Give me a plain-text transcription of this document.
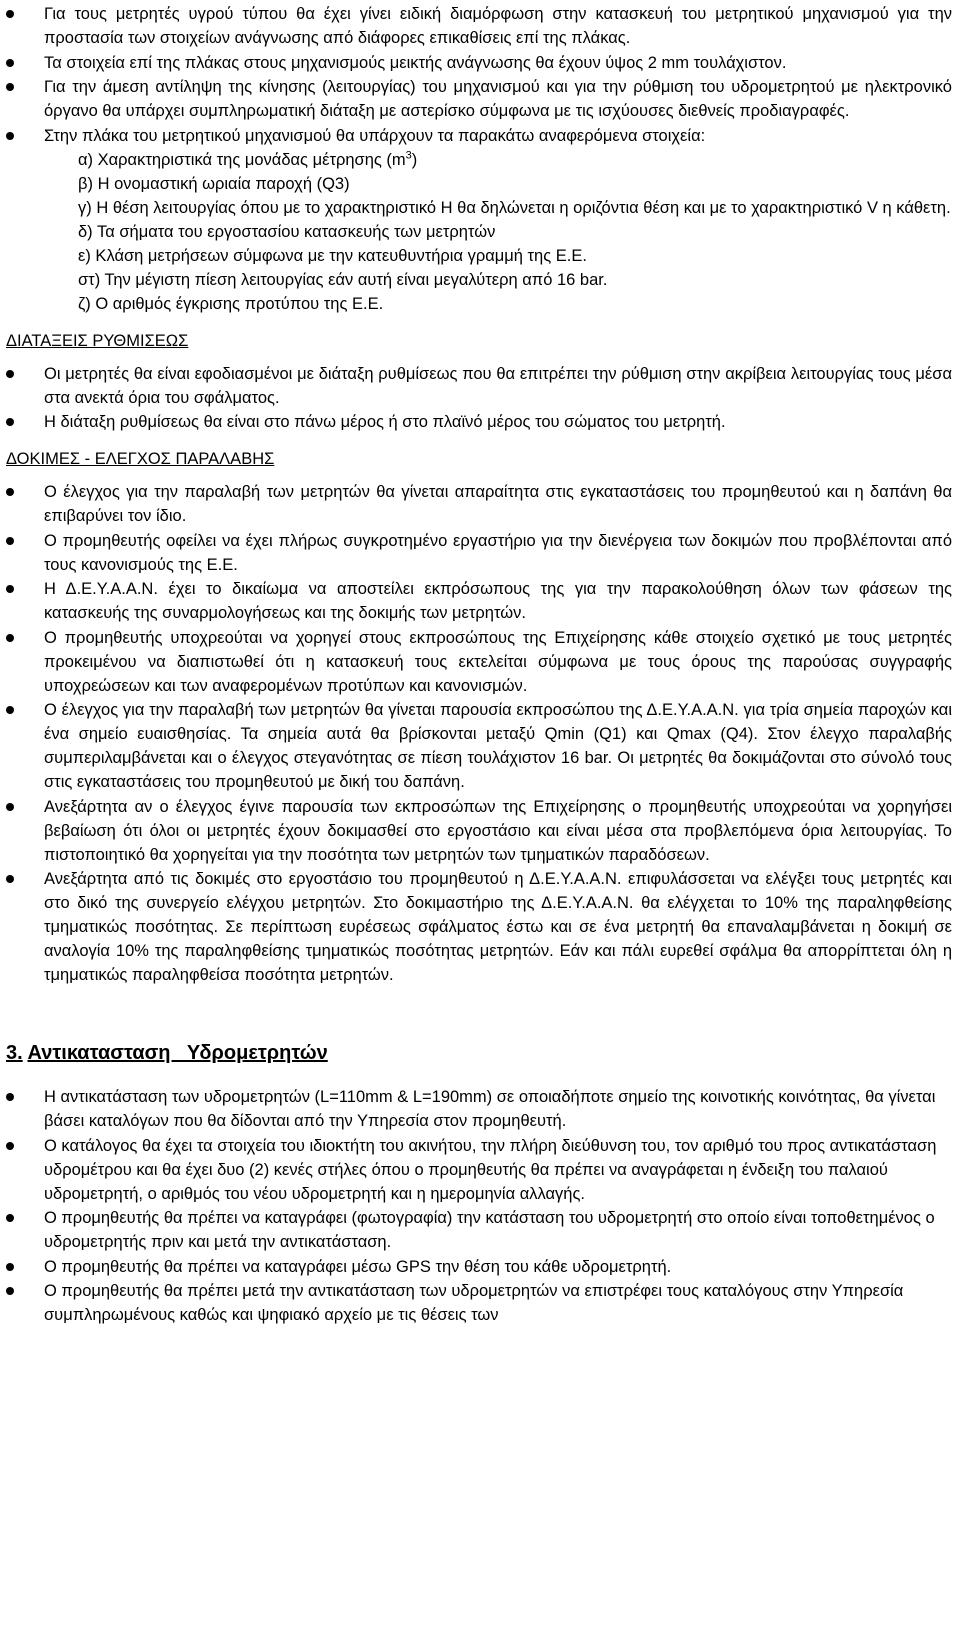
Για τους μετρητές υγρού τύπου θα έχει γίνει ειδική διαμόρφωση στην κατασκευή του μετρητικού μηχανισμού για την προστασία των στοιχείων ανάγνωσης από διάφορες επικαθίσεις επί της πλάκας.
Τα στοιχεία επί της πλάκας στους μηχανισμούς μεικτής ανάγνωσης θα έχουν ύψος 2 mm τουλάχιστον.
Για την άμεση αντίληψη της κίνησης (λειτουργίας) του μηχανισμού και για την ρύθμιση του υδρομετρητού με ηλεκτρονικό όργανο θα υπάρχει συμπληρωματική διάταξη με αστερίσκο σύμφωνα με τις ισχύουσες διεθνείς προδιαγραφές.
Στην πλάκα του μετρητικού μηχανισμού θα υπάρχουν τα παρακάτω αναφερόμενα στοιχεία:
α) Χαρακτηριστικά της μονάδας μέτρησης $(m^3)$
β) Η ονομαστική ωριαία παροχή (Q3)
γ) Η θέση λειτουργίας όπου με το χαρακτηριστικό Η θα δηλώνεται η οριζόντια θέση και με το χαρακτηριστικό V η κάθετη.
δ) Τα σήματα του εργοστασίου κατασκευής των μετρητών
ε) Κλάση μετρήσεων σύμφωνα με την κατευθυντήρια γραμμή της Ε.Ε.
στ) Την μέγιστη πίεση λειτουργίας εάν αυτή είναι μεγαλύτερη από 16 bar.
ζ) Ο αριθμός έγκρισης προτύπου της Ε.Ε.
ΔΙΑΤΑΞΕΙΣ ΡΥΘΜΙΣΕΩΣ
Οι μετρητές θα είναι εφοδιασμένοι με διάταξη ρυθμίσεως που θα επιτρέπει την ρύθμιση στην ακρίβεια λειτουργίας τους μέσα στα ανεκτά όρια του σφάλματος.
Η διάταξη ρυθμίσεως θα είναι στο πάνω μέρος ή στο πλαϊνό μέρος του σώματος του μετρητή.
ΔΟΚΙΜΕΣ - ΕΛΕΓΧΟΣ ΠΑΡΑΛΑΒΗΣ
Ο έλεγχος για την παραλαβή των μετρητών θα γίνεται απαραίτητα στις εγκαταστάσεις του προμηθευτού και η δαπάνη θα επιβαρύνει τον ίδιο.
Ο προμηθευτής οφείλει να έχει πλήρως συγκροτημένο εργαστήριο για την διενέργεια των δοκιμών που προβλέπονται από τους κανονισμούς της Ε.Ε.
Η Δ.Ε.Υ.Α.Α.Ν. έχει το δικαίωμα να αποστείλει εκπρόσωπους της για την παρακολούθηση όλων των φάσεων της κατασκευής της συναρμολογήσεως και της δοκιμής των μετρητών.
Ο προμηθευτής υποχρεούται να χορηγεί στους εκπροσώπους της Επιχείρησης κάθε στοιχείο σχετικό με τους μετρητές προκειμένου να διαπιστωθεί ότι η κατασκευή τους εκτελείται σύμφωνα με τους όρους της παρούσας συγγραφής υποχρεώσεων και των αναφερομένων προτύπων και κανονισμών.
Ο έλεγχος για την παραλαβή των μετρητών θα γίνεται παρουσία εκπροσώπου της Δ.Ε.Υ.Α.Α.Ν. για τρία σημεία παροχών και ένα σημείο ευαισθησίας. Τα σημεία αυτά θα βρίσκονται μεταξύ Qmin (Q1) και Qmax (Q4). Στον έλεγχο παραλαβής συμπεριλαμβάνεται και ο έλεγχος στεγανότητας σε πίεση τουλάχιστον 16 bar. Οι μετρητές θα δοκιμάζονται στο σύνολό τους στις εγκαταστάσεις του προμηθευτού με δική του δαπάνη.
Ανεξάρτητα αν ο έλεγχος έγινε παρουσία των εκπροσώπων της Επιχείρησης ο προμηθευτής υποχρεούται να χορηγήσει βεβαίωση ότι όλοι οι μετρητές έχουν δοκιμασθεί στο εργοστάσιο και είναι μέσα στα προβλεπόμενα όρια λειτουργίας. Το πιστοποιητικό θα χορηγείται για την ποσότητα των μετρητών των τμηματικών παραδόσεων.
Ανεξάρτητα από τις δοκιμές στο εργοστάσιο του προμηθευτού η Δ.Ε.Υ.Α.Α.Ν. επιφυλάσσεται να ελέγξει τους μετρητές και στο δικό της συνεργείο ελέγχου μετρητών. Στο δοκιμαστήριο της Δ.Ε.Υ.Α.Α.Ν. θα ελέγχεται το 10% της παραληφθείσης τμηματικώς ποσότητας. Σε περίπτωση ευρέσεως σφάλματος έστω και σε ένα μετρητή θα επαναλαμβάνεται η δοκιμή σε αναλογία 10% της παραληφθείσης τμηματικώς ποσότητας μετρητών. Εάν και πάλι ευρεθεί σφάλμα θα απορρίπτεται όλη η τμηματικώς παραληφθείσα ποσότητα μετρητών.
3. Αντικατασταση   Υδρομετρητών
Η αντικατάσταση των υδρομετρητών (L=110mm & L=190mm) σε οποιαδήποτε σημείο της κοινοτικής κοινότητας, θα γίνεται βάσει καταλόγων που θα δίδονται από την Υπηρεσία στον προμηθευτή.
Ο κατάλογος θα έχει τα στοιχεία του ιδιοκτήτη του ακινήτου, την πλήρη διεύθυνση του, τον αριθμό του προς αντικατάσταση υδρομέτρου και θα έχει δυο (2) κενές στήλες όπου ο προμηθευτής θα πρέπει να αναγράφεται η ένδειξη του παλαιού υδρομετρητή, ο αριθμός του νέου υδρομετρητή και η ημερομηνία αλλαγής.
Ο προμηθευτής θα πρέπει να καταγράφει (φωτογραφία) την κατάσταση του υδρομετρητή στο οποίο είναι τοποθετημένος ο υδρομετρητής πριν και μετά την αντικατάσταση.
Ο προμηθευτής θα πρέπει να καταγράφει μέσω GPS την θέση του κάθε υδρομετρητή.
Ο προμηθευτής θα πρέπει μετά την αντικατάσταση των υδρομετρητών να επιστρέφει τους καταλόγους στην Υπηρεσία συμπληρωμένους καθώς και ψηφιακό αρχείο με τις θέσεις των
